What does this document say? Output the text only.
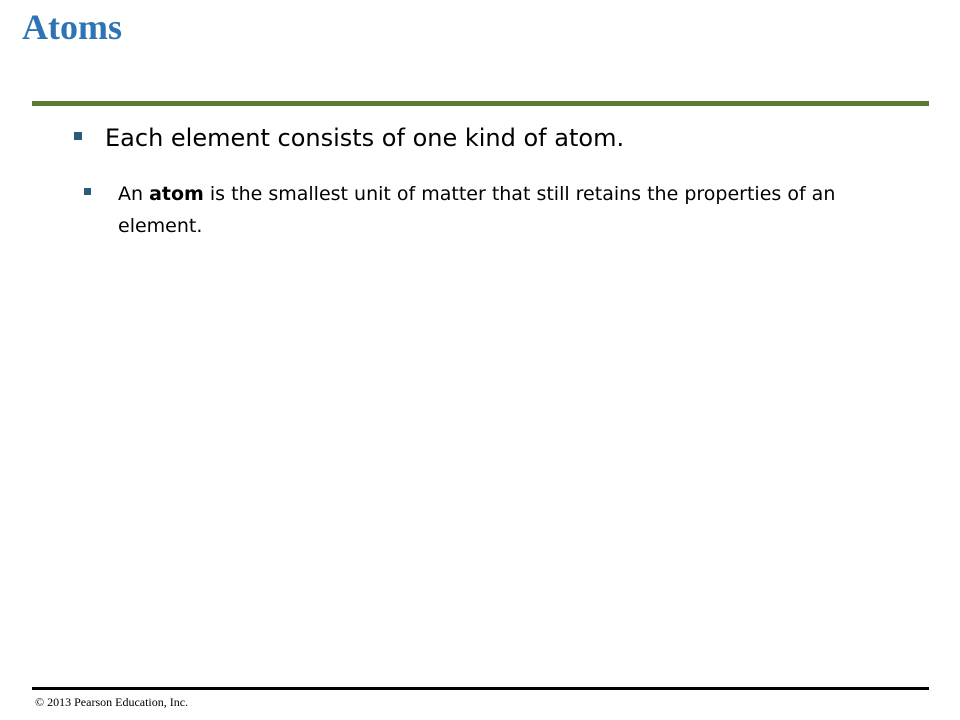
Atoms
Each element consists of one kind of atom.
An atom is the smallest unit of matter that still retains the properties of an element.
© 2013 Pearson Education, Inc.
